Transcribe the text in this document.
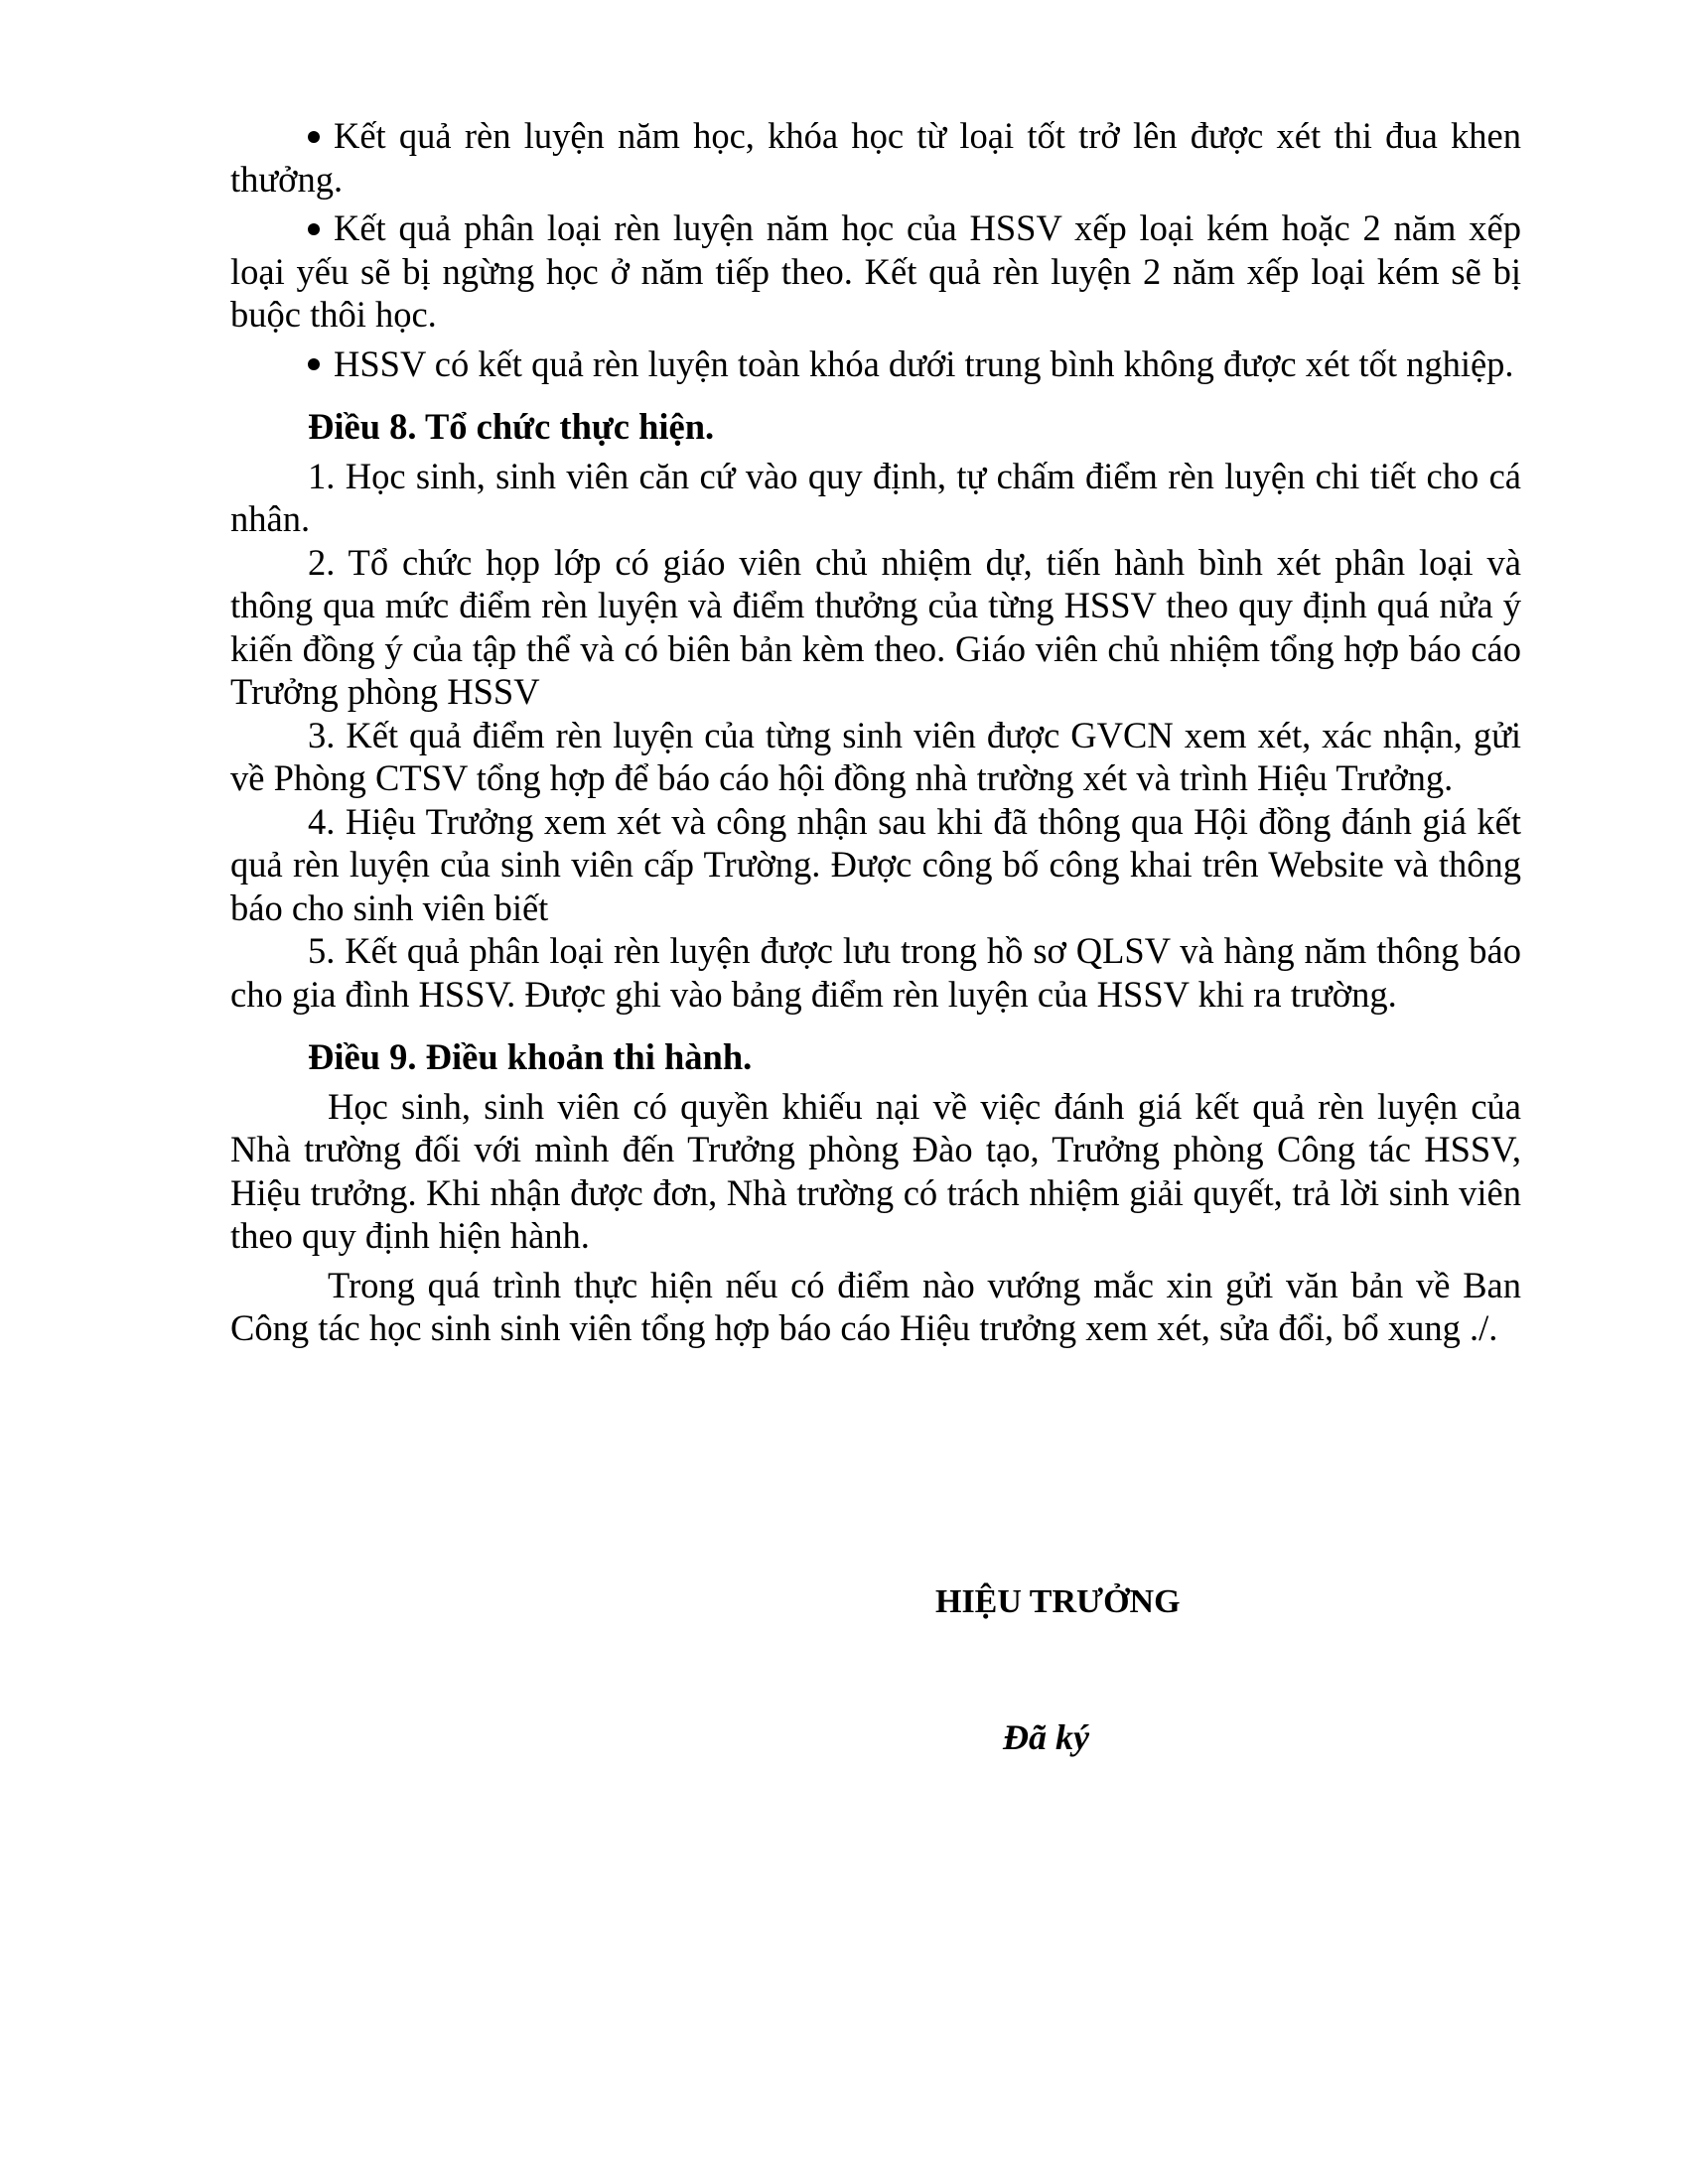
Kết quả rèn luyện năm học, khóa học từ loại tốt trở lên được xét thi đua khen thưởng.

Kết quả phân loại rèn luyện năm học của HSSV xếp loại kém hoặc 2 năm xếp loại yếu sẽ bị ngừng học ở năm tiếp theo. Kết quả rèn luyện 2 năm xếp loại kém sẽ bị buộc thôi học.

HSSV có kết quả rèn luyện toàn khóa dưới trung bình không được xét tốt nghiệp.

Điều 8. Tổ chức thực hiện.

1. Học sinh, sinh viên căn cứ vào quy định, tự chấm điểm rèn luyện chi tiết cho cá nhân.

2. Tổ chức họp lớp có giáo viên chủ nhiệm dự, tiến hành bình xét phân loại và thông qua mức điểm rèn luyện và điểm thưởng của từng HSSV theo quy định quá nửa ý kiến đồng ý của tập thể và có biên bản kèm theo. Giáo viên chủ nhiệm tổng hợp báo cáo Trưởng phòng HSSV

3. Kết quả điểm rèn luyện của từng sinh viên được GVCN xem xét, xác nhận, gửi về Phòng CTSV tổng hợp để báo cáo hội đồng nhà trường xét và trình Hiệu Trưởng.

4. Hiệu Trưởng xem xét và công nhận sau khi đã thông qua Hội đồng đánh giá kết quả rèn luyện của sinh viên cấp Trường. Được công bố công khai trên Website và thông báo cho sinh viên biết

5. Kết quả phân loại rèn luyện được lưu trong hồ sơ QLSV và hàng năm thông báo cho gia đình HSSV. Được ghi vào bảng điểm rèn luyện của HSSV khi ra trường.

Điều 9. Điều khoản thi hành.

Học sinh, sinh viên có quyền khiếu nại về việc đánh giá kết quả rèn luyện của Nhà trường đối với mình đến Trưởng phòng Đào tạo, Trưởng phòng Công tác HSSV, Hiệu trưởng. Khi nhận được đơn, Nhà trường có trách nhiệm giải quyết, trả lời sinh viên theo quy định hiện hành.

Trong quá trình thực hiện nếu có điểm nào vướng mắc xin gửi văn bản về Ban Công tác học sinh sinh viên tổng hợp báo cáo Hiệu trưởng xem xét, sửa đổi, bổ xung ./.

HIỆU TRƯỞNG

Đã ký
